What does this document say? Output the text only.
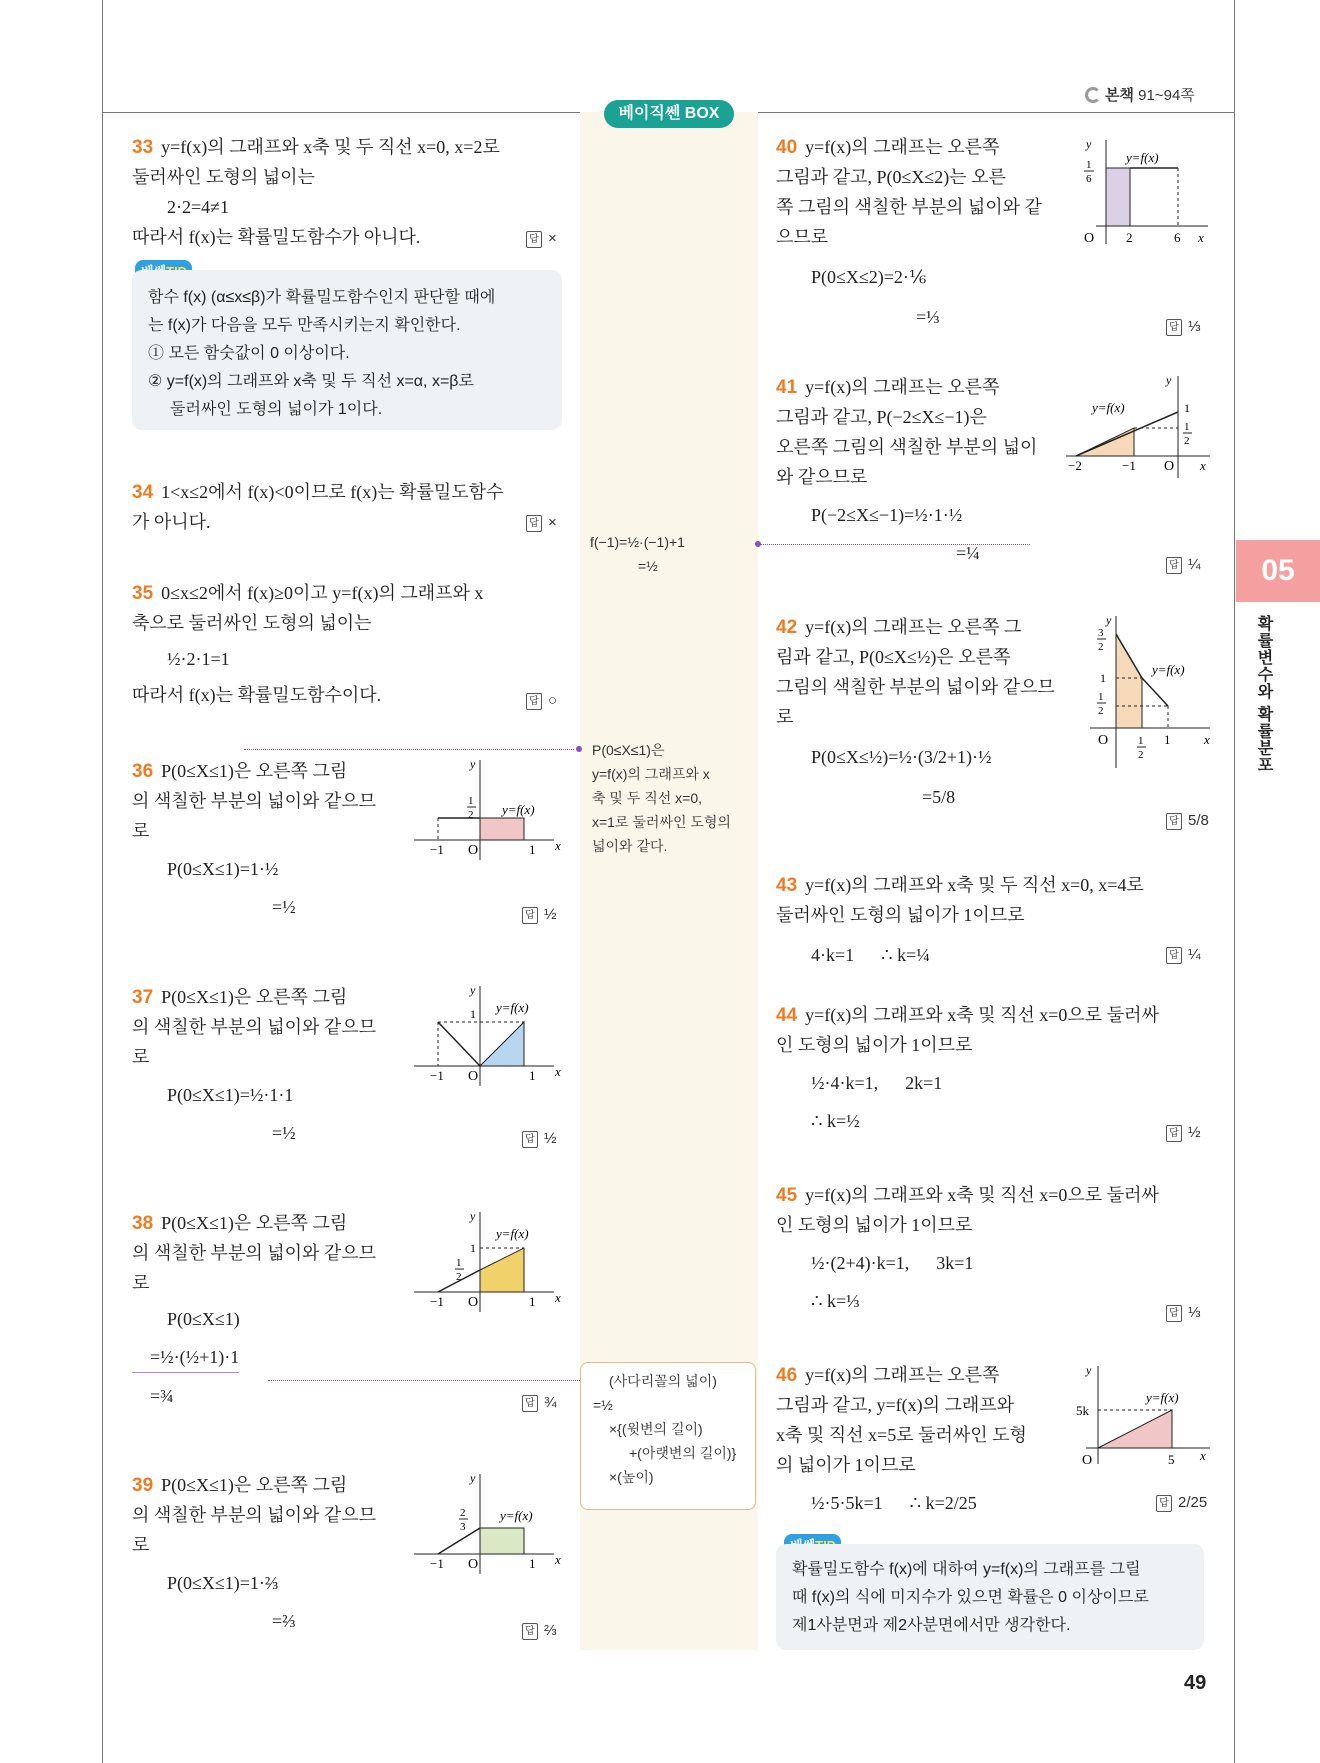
본책 91~94쪽
베이직쎈 BOX
05
확률변수와 확률분포
33 y=f(x)의 그래프와 x축 및 두 직선 x=0, x=2로
둘러싸인 도형의 넓이는
2·2=4≠1
따라서 f(x)는 확률밀도함수가 아니다.	답 ×
함수 f(x) (α≤x≤β)가 확률밀도함수인지 판단할 때에
는 f(x)가 다음을 모두 만족시키는지 확인한다.
① 모든 함숫값이 0 이상이다.
② y=f(x)의 그래프와 x축 및 두 직선 x=α, x=β로
둘러싸인 도형의 넓이가 1이다.
34 1<x≤2에서 f(x)<0이므로 f(x)는 확률밀도함수
가 아니다.	답 ×
35 0≤x≤2에서 f(x)≥0이고 y=f(x)의 그래프와 x
축으로 둘러싸인 도형의 넓이는
½·2·1=1
따라서 f(x)는 확률밀도함수이다.	답 ○
36 P(0≤X≤1)은 오른쪽 그림
의 색칠한 부분의 넓이와 같으므
로
P(0≤X≤1)=1·½
=½	답 ½
y
x
O
−1	1
1
2 y=f(x)
37 P(0≤X≤1)은 오른쪽 그림
의 색칠한 부분의 넓이와 같으므
로
P(0≤X≤1)=½·1·1
=½	답 ½
y
x
O
−1	1
1 y=f(x)
38 P(0≤X≤1)은 오른쪽 그림
의 색칠한 부분의 넓이와 같으므
로
P(0≤X≤1)
=½·(½+1)·1
=¾	답 ¾
y
x
O
−1	1
1
1
2
y=f(x)
39 P(0≤X≤1)은 오른쪽 그림
의 색칠한 부분의 넓이와 같으므
로
P(0≤X≤1)=1·⅔
=⅔
답 ⅔
y
x
O
−1	1
2
3
y=f(x)
f(−1)=½·(−1)+1
=½
P(0≤X≤1)은
y=f(x)의 그래프와 x
축 및 두 직선 x=0,
x=1로 둘러싸인 도형의
넓이와 같다.
(사다리꼴의 넓이)
=½
×{(윗변의 길이)
+(아랫변의 길이)}
×(높이)
40 y=f(x)의 그래프는 오른쪽
그림과 같고, P(0≤X≤2)는 오른
쪽 그림의 색칠한 부분의 넓이와 같
으므로
P(0≤X≤2)=2·⅙
=⅓
답 ⅓
y
x
O 2	6
1
6
y=f(x)
41 y=f(x)의 그래프는 오른쪽
그림과 같고, P(−2≤X≤−1)은
오른쪽 그림의 색칠한 부분의 넓이
와 같으므로
P(−2≤X≤−1)=½·1·½
=¼
답 ¼
y
x
O
−2	−1
1
1
2
y=f(x)
42 y=f(x)의 그래프는 오른쪽 그
림과 같고, P(0≤X≤½)은 오른쪽
그림의 색칠한 부분의 넓이와 같으므
로
P(0≤X≤½)=½·(3/2+1)·½
=5/8
답 5/8
y
x
O
3
2
1
1
2
1
2
1
y=f(x)
43 y=f(x)의 그래프와 x축 및 두 직선 x=0, x=4로
둘러싸인 도형의 넓이가 1이므로
4·k=1      ∴ k=¼	답 ¼
44 y=f(x)의 그래프와 x축 및 직선 x=0으로 둘러싸
인 도형의 넓이가 1이므로
½·4·k=1,      2k=1
∴ k=½
답 ½
45 y=f(x)의 그래프와 x축 및 직선 x=0으로 둘러싸
인 도형의 넓이가 1이므로
½·(2+4)·k=1,      3k=1
∴ k=⅓
답 ⅓
46 y=f(x)의 그래프는 오른쪽
그림과 같고, y=f(x)의 그래프와
x축 및 직선 x=5로 둘러싸인 도형
의 넓이가 1이므로
½·5·5k=1      ∴ k=2/25	답 2/25
y
x
O
5k
5
y=f(x)
확률밀도함수 f(x)에 대하여 y=f(x)의 그래프를 그릴
때 f(x)의 식에 미지수가 있으면 확률은 0 이상이므로
제1사분면과 제2사분면에서만 생각한다.
49
